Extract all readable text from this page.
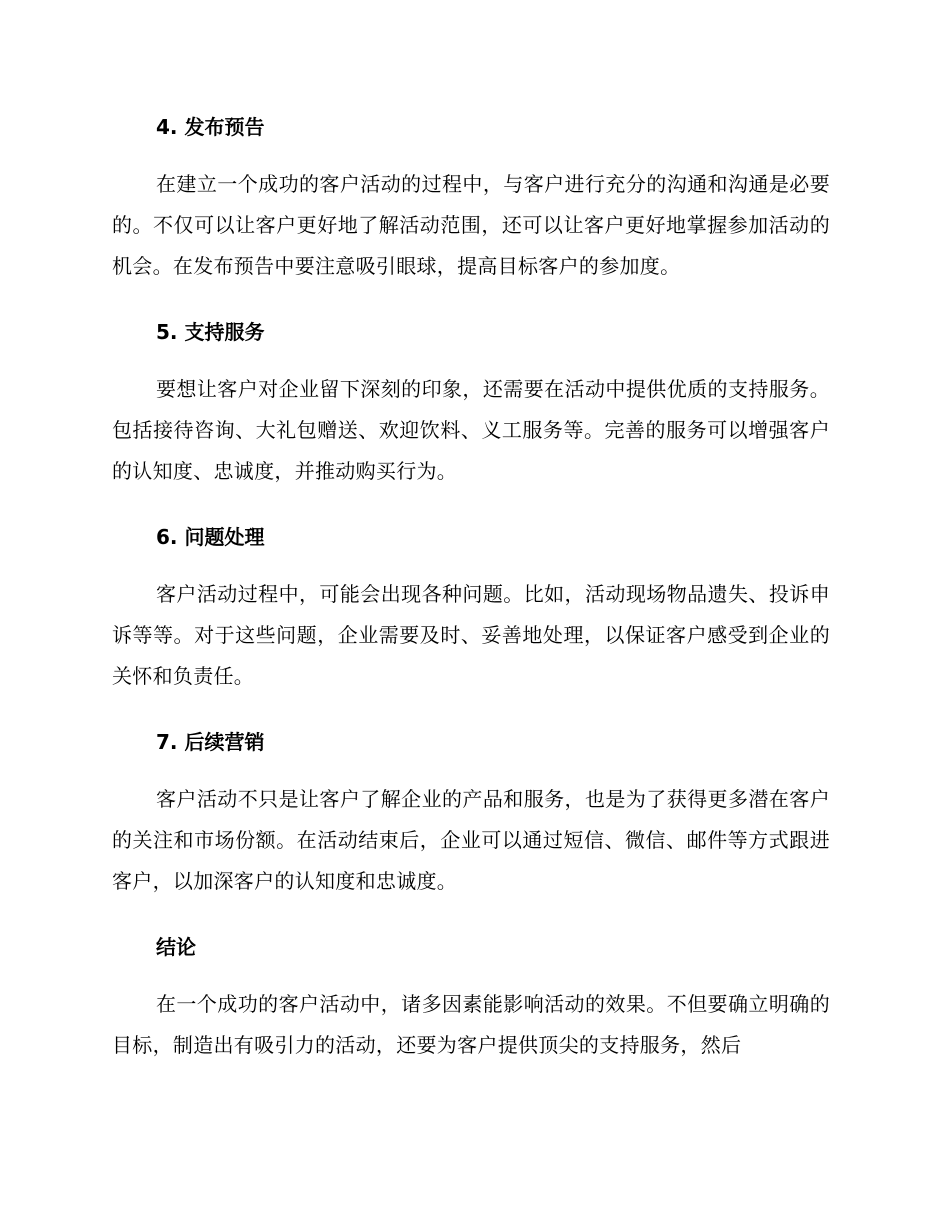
4. 发布预告

在建立一个成功的客户活动的过程中，与客户进行充分的沟通和沟通是必要的。不仅可以让客户更好地了解活动范围，还可以让客户更好地掌握参加活动的机会。在发布预告中要注意吸引眼球，提高目标客户的参加度。

5. 支持服务

要想让客户对企业留下深刻的印象，还需要在活动中提供优质的支持服务。包括接待咨询、大礼包赠送、欢迎饮料、义工服务等。完善的服务可以增强客户的认知度、忠诚度，并推动购买行为。

6. 问题处理

客户活动过程中，可能会出现各种问题。比如，活动现场物品遗失、投诉申诉等等。对于这些问题，企业需要及时、妥善地处理，以保证客户感受到企业的关怀和负责任。

7. 后续营销

客户活动不只是让客户了解企业的产品和服务，也是为了获得更多潜在客户的关注和市场份额。在活动结束后，企业可以通过短信、微信、邮件等方式跟进客户，以加深客户的认知度和忠诚度。

结论

在一个成功的客户活动中，诸多因素能影响活动的效果。不但要确立明确的目标，制造出有吸引力的活动，还要为客户提供顶尖的支持服务，然后
